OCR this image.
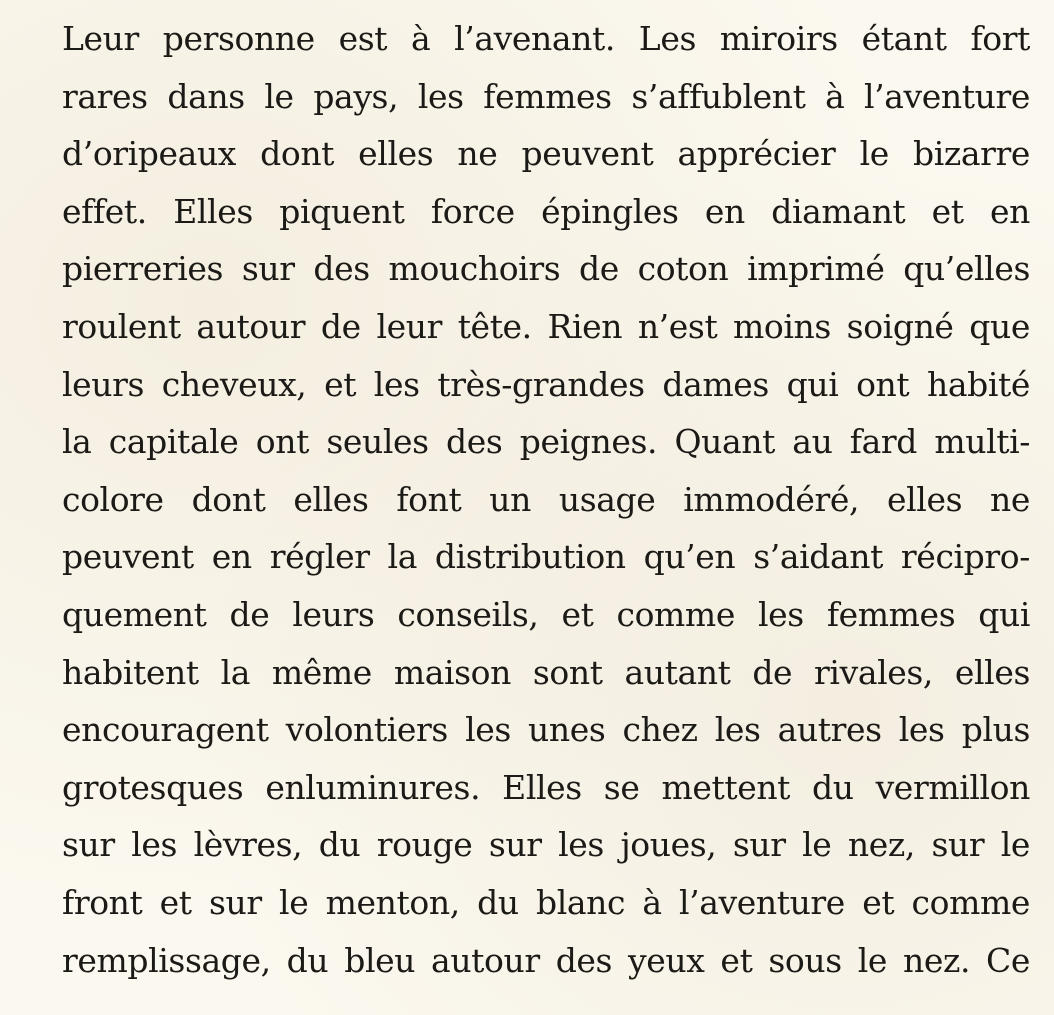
Leur personne est à l’avenant. Les miroirs étant fort
rares dans le pays, les femmes s’affublent à l’aventure
d’oripeaux dont elles ne peuvent apprécier le bizarre
effet. Elles piquent force épingles en diamant et en
pierreries sur des mouchoirs de coton imprimé qu’elles
roulent autour de leur tête. Rien n’est moins soigné que
leurs cheveux, et les très-grandes dames qui ont habité
la capitale ont seules des peignes. Quant au fard multi-
colore dont elles font un usage immodéré, elles ne
peuvent en régler la distribution qu’en s’aidant récipro-
quement de leurs conseils, et comme les femmes qui
habitent la même maison sont autant de rivales, elles
encouragent volontiers les unes chez les autres les plus
grotesques enluminures. Elles se mettent du vermillon
sur les lèvres, du rouge sur les joues, sur le nez, sur le
front et sur le menton, du blanc à l’aventure et comme
remplissage, du bleu autour des yeux et sous le nez. Ce
